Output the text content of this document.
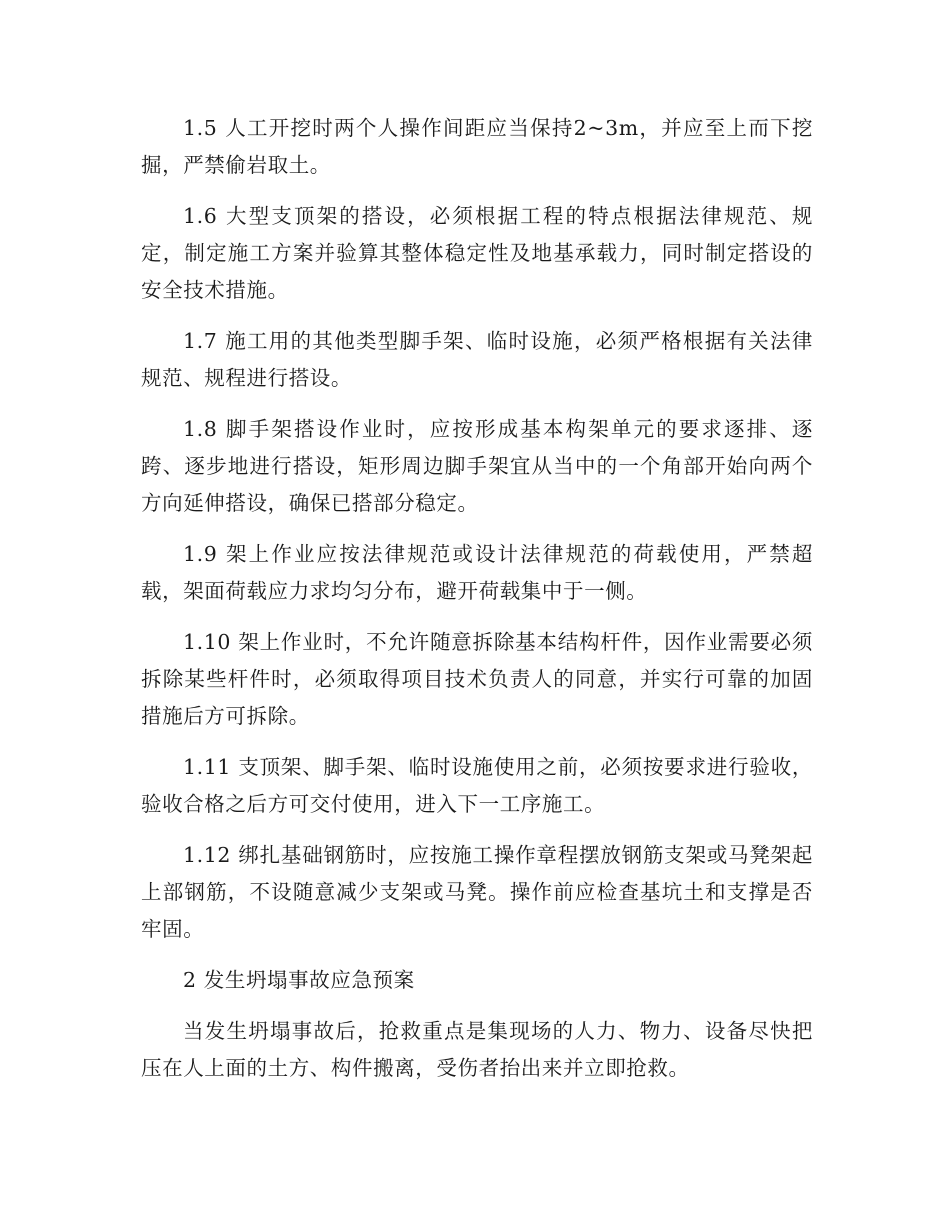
1.5 人工开挖时两个人操作间距应当保持2~3m，并应至上而下挖掘，严禁偷岩取土。

1.6 大型支顶架的搭设，必须根据工程的特点根据法律规范、规定，制定施工方案并验算其整体稳定性及地基承载力，同时制定搭设的安全技术措施。

1.7 施工用的其他类型脚手架、临时设施，必须严格根据有关法律规范、规程进行搭设。

1.8 脚手架搭设作业时，应按形成基本构架单元的要求逐排、逐跨、逐步地进行搭设，矩形周边脚手架宜从当中的一个角部开始向两个方向延伸搭设，确保已搭部分稳定。

1.9 架上作业应按法律规范或设计法律规范的荷载使用，严禁超载，架面荷载应力求均匀分布，避开荷载集中于一侧。

1.10 架上作业时，不允许随意拆除基本结构杆件，因作业需要必须拆除某些杆件时，必须取得项目技术负责人的同意，并实行可靠的加固措施后方可拆除。

1.11 支顶架、脚手架、临时设施使用之前，必须按要求进行验收，验收合格之后方可交付使用，进入下一工序施工。

1.12 绑扎基础钢筋时，应按施工操作章程摆放钢筋支架或马凳架起上部钢筋，不设随意减少支架或马凳。操作前应检查基坑土和支撑是否牢固。

2 发生坍塌事故应急预案

当发生坍塌事故后，抢救重点是集现场的人力、物力、设备尽快把压在人上面的土方、构件搬离，受伤者抬出来并立即抢救。
